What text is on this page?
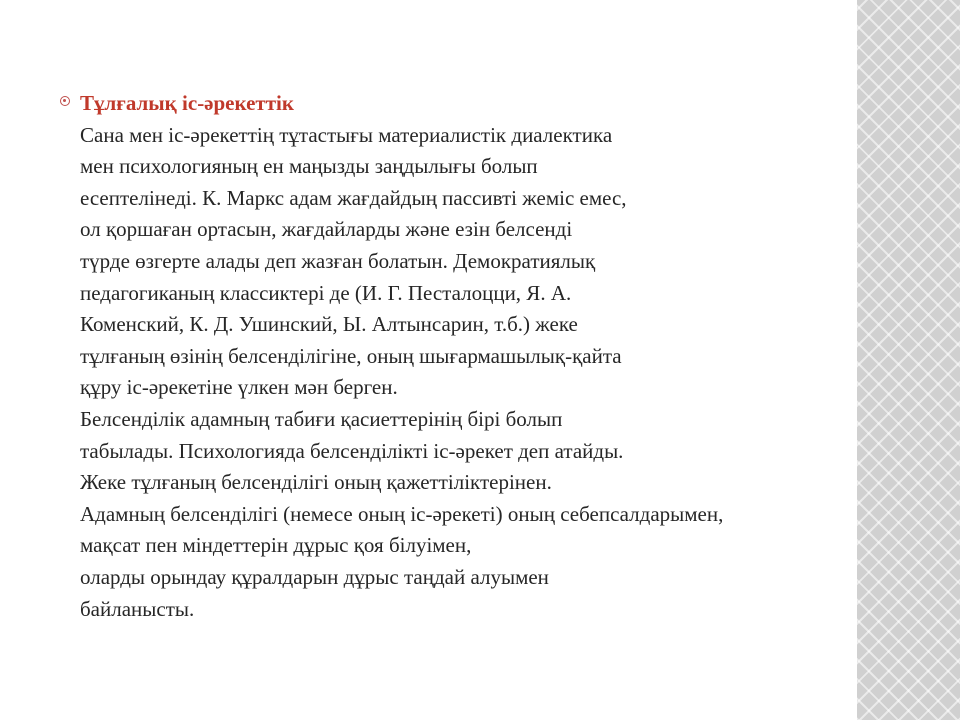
Тұлғалық іс-әрекеттік
Сана мен іс-әрекеттің тұтастығы материалистік диалектика
мен психологияның ен маңызды заңдылығы болып
есептелінеді. К. Маркс адам жағдайдың пассивті жеміс емес,
ол қоршаған ортасын, жағдайларды және езін белсенді
түрде өзгерте алады деп жазған болатын. Демократиялық
педагогиканың классиктері де (И. Г. Песталоцци, Я. А.
Коменский, К. Д. Ушинский, Ы. Алтынсарин, т.б.) жеке
тұлғаның өзінің белсенділігіне, оның шығармашылық-қайта
құру іс-әрекетіне үлкен мән берген.
Белсенділік адамның табиғи қасиеттерінің бірі болып
табылады. Психологияда белсенділікті іс-әрекет деп атайды.
Жеке тұлғаның белсенділігі оның қажеттіліктерінен.
Адамның белсенділігі (немесе оның іс-әрекеті) оның себепсалдарымен,
мақсат пен міндеттерін дұрыс қоя білуімен,
оларды орындау құралдарын дұрыс таңдай алуымен
байланысты.
